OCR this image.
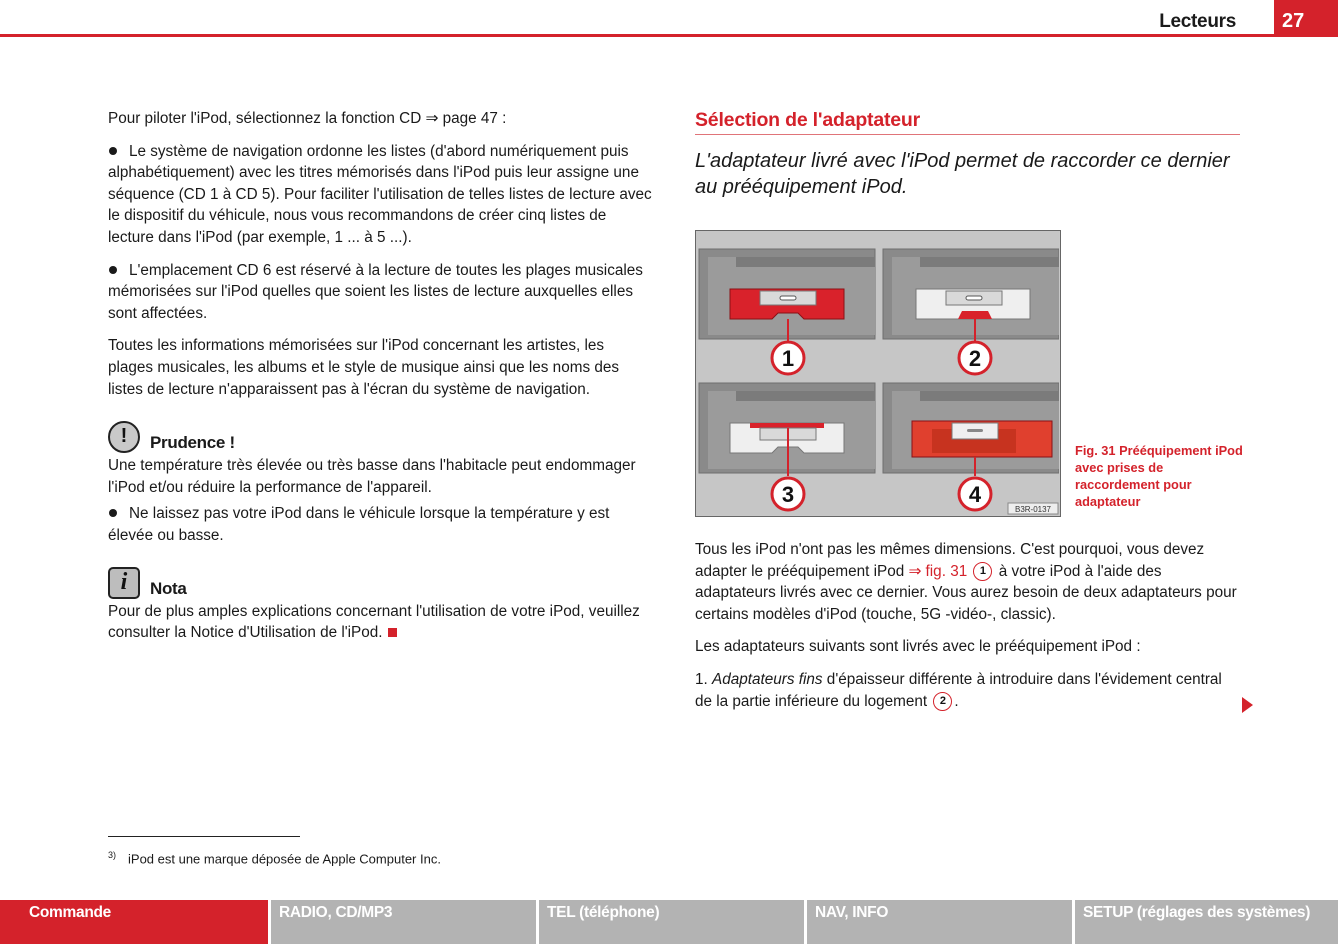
Lecteurs	27

Pour piloter l'iPod, sélectionnez la fonction CD ⇒ page 47 :

Le système de navigation ordonne les listes (d'abord numériquement puis alphabétiquement) avec les titres mémorisés dans l'iPod puis leur assigne une séquence (CD 1 à CD 5). Pour faciliter l'utilisation de telles listes de lecture avec le dispositif du véhicule, nous vous recommandons de créer cinq listes de lecture dans l'iPod (par exemple, 1 ... à 5 ...).

L'emplacement CD 6 est réservé à la lecture de toutes les plages musicales mémorisées sur l'iPod quelles que soient les listes de lecture auxquelles elles sont affectées.

Toutes les informations mémorisées sur l'iPod concernant les artistes, les plages musicales, les albums et le style de musique ainsi que les noms des listes de lecture n'apparaissent pas à l'écran du système de navigation.

!	Prudence !

Une température très élevée ou très basse dans l'habitacle peut endommager l'iPod et/ou réduire la performance de l'appareil.

Ne laissez pas votre iPod dans le véhicule lorsque la température y est élevée ou basse.

i	Nota

Pour de plus amples explications concernant l'utilisation de votre iPod, veuillez consulter la Notice d'Utilisation de l'iPod.

Sélection de l'adaptateur
L'adaptateur livré avec l'iPod permet de raccorder ce dernier au prééquipement iPod.
1	2
3	4
B3R-0137
Fig. 31 Prééquipement iPod avec prises de raccordement pour adaptateur

Tous les iPod n'ont pas les mêmes dimensions. C'est pourquoi, vous devez adapter le prééquipement iPod ⇒ fig. 31 1 à votre iPod à l'aide des adaptateurs livrés avec ce dernier. Vous aurez besoin de deux adaptateurs pour certains modèles d'iPod (touche, 5G -vidéo-, classic).

Les adaptateurs suivants sont livrés avec le prééquipement iPod :

1. Adaptateurs fins d'épaisseur différente à introduire dans l'évidement central de la partie inférieure du logement 2 .

$^{3)}$ iPod est une marque déposée de Apple Computer Inc.
Commande	RADIO, CD/MP3	TEL (téléphone)	NAV, INFO	SETUP (réglages des systèmes)
